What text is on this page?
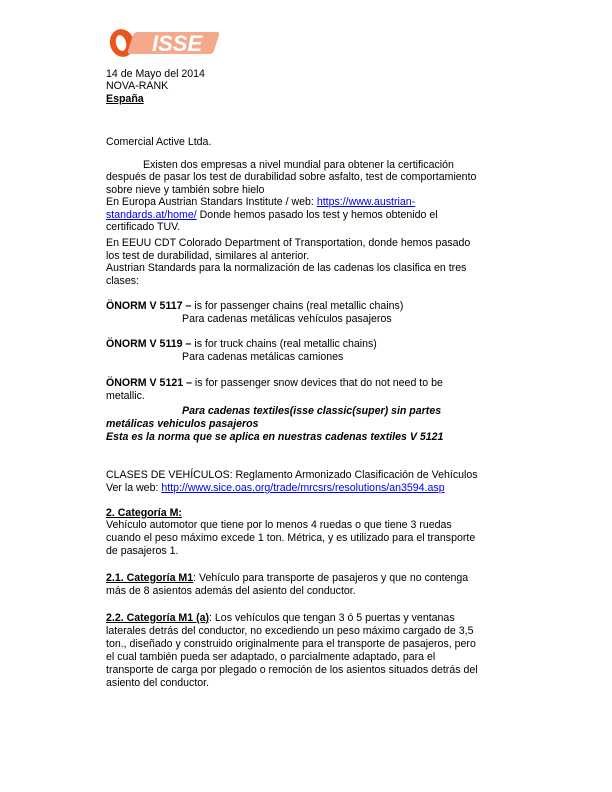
ISSE
14 de Mayo del 2014
NOVA-RANK
España
Comercial Active Ltda.
Existen dos empresas a nivel mundial para obtener la certificación
después de pasar los test de durabilidad sobre asfalto, test de comportamiento
sobre nieve y también sobre hielo
En Europa Austrian Standars Institute / web: https://www.austrian-
standards.at/home/ Donde hemos pasado los test y hemos obtenido el
certificado TUV.
En EEUU CDT Colorado Department of Transportation, donde hemos pasado
los test de durabilidad, similares al anterior.
Austrian Standards para la normalización de las cadenas los clasifica en tres
clases:
ÖNORM V 5117 – is for passenger chains (real metallic chains)
Para cadenas metálicas vehículos pasajeros
ÖNORM V 5119 – is for truck chains (real metallic chains)
Para cadenas metálicas camiones
ÖNORM V 5121 – is for passenger snow devices that do not need to be
metallic.
Para cadenas textiles(isse classic(super) sin partes
metálicas vehiculos pasajeros
Esta es la norma que se aplica en nuestras cadenas textiles V 5121
CLASES DE VEHÍCULOS: Reglamento Armonizado Clasificación de Vehículos
Ver la web: http://www.sice.oas.org/trade/mrcsrs/resolutions/an3594.asp
2. Categoría M:
Vehículo automotor que tiene por lo menos 4 ruedas o que tiene 3 ruedas
cuando el peso máximo excede 1 ton. Métrica, y es utilizado para el transporte
de pasajeros 1.
2.1. Categoría M1: Vehículo para transporte de pasajeros y que no contenga
más de 8 asientos además del asiento del conductor.
2.2. Categoría M1 (a): Los vehículos que tengan 3 ó 5 puertas y ventanas
laterales detrás del conductor, no excediendo un peso máximo cargado de 3,5
ton., diseñado y construido originalmente para el transporte de pasajeros, pero
el cual también pueda ser adaptado, o parcialmente adaptado, para el
transporte de carga por plegado o remoción de los asientos situados detrás del
asiento del conductor.
